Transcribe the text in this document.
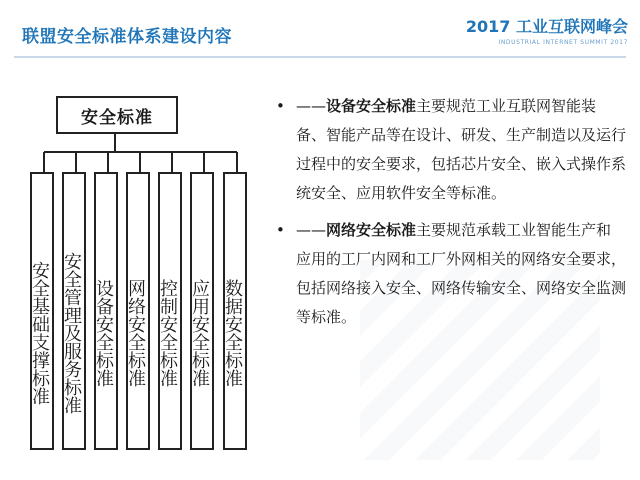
联盟安全标准体系建设内容
2017 工业互联网峰会
INDUSTRIAL INTERNET SUMMIT 2017
安全标准
安全基础支撑标准 安全管理及服务标准 设备安全标准 网络安全标准 控制安全标准 应用安全标准 数据安全标准
• ——设备安全标准主要规范工业互联网智能装备、智能产品等在设计、研发、生产制造以及运行过程中的安全要求，包括芯片安全、嵌入式操作系统安全、应用软件安全等标准。
• ——网络安全标准主要规范承载工业智能生产和应用的工厂内网和工厂外网相关的网络安全要求，包括网络接入安全、网络传输安全、网络安全监测等标准。
